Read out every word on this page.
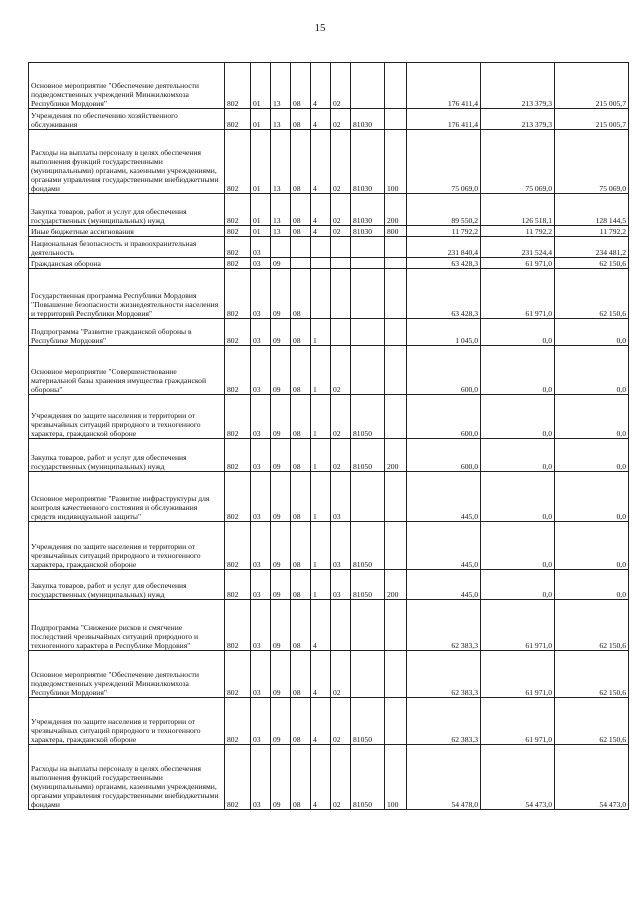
15
Основное мероприятие "Обеспечение деятельности подведомственных учреждений Минжилкомхоза Республики Мордовия"	802	01	13	08	4	02			176 411,4	213 379,3	215 005,7
Учреждения по обеспечению хозяйственного обслуживания	802	01	13	08	4	02	81030		176 411,4	213 379,3	215 005,7
Расходы на выплаты персоналу в целях обеспечения выполнения функций государственными (муниципальными) органами, казенными учреждениями, органами управления государственными внебюджетными фондами	802	01	13	08	4	02	81030	100	75 069,0	75 069,0	75 069,0
Закупка товаров, работ и услуг для обеспечения государственных (муниципальных) нужд	802	01	13	08	4	02	81030	200	89 550,2	126 518,1	128 144,5
Иные бюджетные ассигнования	802	01	13	08	4	02	81030	800	11 792,2	11 792,2	11 792,2
Национальная безопасность и правоохранительная деятельность	802	03							231 840,4	231 524,4	234 481,2
Гражданская оборона	802	03	09						63 428,3	61 971,0	62 150,6
Государственная программа Республики Мордовия "Повышение безопасности жизнедеятельности населения и территорий Республики Мордовия"	802	03	09	08					63 428,3	61 971,0	62 150,6
Подпрограмма "Развитие гражданской обороны в Республике Мордовия"	802	03	09	08	1				1 045,0	0,0	0,0
Основное мероприятие "Совершенствование материальной базы хранения имущества гражданской обороны"	802	03	09	08	1	02			600,0	0,0	0,0
Учреждения по защите населения и территории от чрезвычайных ситуаций природного и техногенного характера, гражданской обороне	802	03	09	08	1	02	81050		600,0	0,0	0,0
Закупка товаров, работ и услуг для обеспечения государственных (муниципальных) нужд	802	03	09	08	1	02	81050	200	600,0	0,0	0,0
Основное мероприятие "Развитие инфраструктуры для контроля качественного состояния и обслуживания средств индивидуальной защиты"	802	03	09	08	1	03			445,0	0,0	0,0
Учреждения по защите населения и территории от чрезвычайных ситуаций природного и техногенного характера, гражданской обороне	802	03	09	08	1	03	81050		445,0	0,0	0,0
Закупка товаров, работ и услуг для обеспечения государственных (муниципальных) нужд	802	03	09	08	1	03	81050	200	445,0	0,0	0,0
Подпрограмма "Снижение рисков и смягчение последствий чрезвычайных ситуаций природного и техногенного характера в Республике Мордовия"	802	03	09	08	4				62 383,3	61 971,0	62 150,6
Основное мероприятие "Обеспечение деятельности подведомственных учреждений Минжилкомхоза Республики Мордовия"	802	03	09	08	4	02			62 383,3	61 971,0	62 150,6
Учреждения по защите населения и территории от чрезвычайных ситуаций природного и техногенного характера, гражданской обороне	802	03	09	08	4	02	81050		62 383,3	61 971,0	62 150,6
Расходы на выплаты персоналу в целях обеспечения выполнения функций государственными (муниципальными) органами, казенными учреждениями, органами управления государственными внебюджетными фондами	802	03	09	08	4	02	81050	100	54 478,0	54 473,0	54 473,0
